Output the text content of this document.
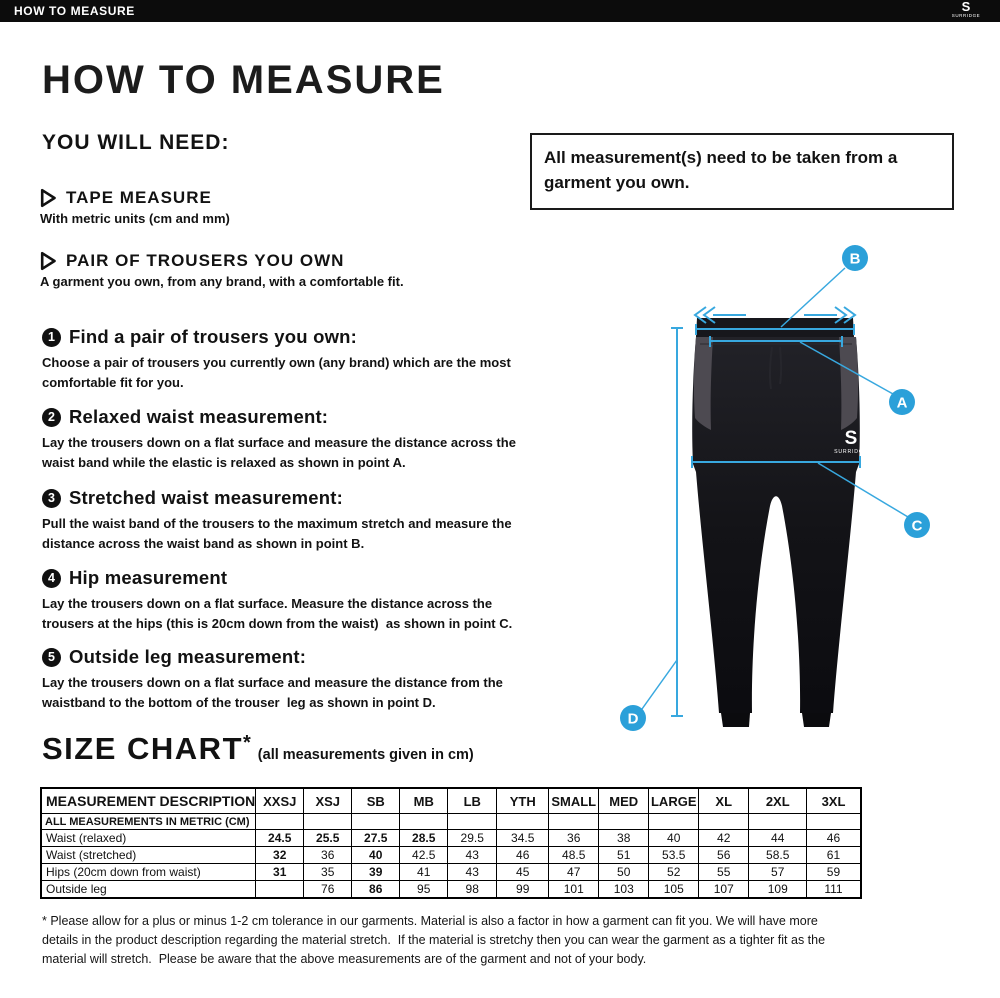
HOW TO MEASURE	S
SURRIDGE
HOW TO MEASURE
YOU WILL NEED:
All measurement(s) need to be taken from a garment you own.
TAPE MEASURE
With metric units (cm and mm)
PAIR OF TROUSERS YOU OWN
A garment you own, from any brand, with a comfortable fit.
1 Find a pair of trousers you own:
Choose a pair of trousers you currently own (any brand) which are the most comfortable fit for you.
2 Relaxed waist measurement:
Lay the trousers down on a flat surface and measure the distance across the waist band while the elastic is relaxed as shown in point A.
3 Stretched waist measurement:
Pull the waist band of the trousers to the maximum stretch and measure the distance across the waist band as shown in point B.
4 Hip measurement
Lay the trousers down on a flat surface. Measure the distance across the trousers at the hips (this is 20cm down from the waist)  as shown in point C.
5 Outside leg measurement:
Lay the trousers down on a flat surface and measure the distance from the waistband to the bottom of the trouser  leg as shown in point D.
S
SURRIDGE
B
A
C
D
SIZE CHART*(all measurements given in cm)
MEASUREMENT DESCRIPTION	XXSJ	XSJ	SB	MB	LB	YTH	SMALL	MED	LARGE	XL	2XL	3XL
ALL MEASUREMENTS IN METRIC (CM)												
Waist (relaxed)	24.5	25.5	27.5	28.5	29.5	34.5	36	38	40	42	44	46
Waist (stretched)	32	36	40	42.5	43	46	48.5	51	53.5	56	58.5	61
Hips (20cm down from waist)	31	35	39	41	43	45	47	50	52	55	57	59
Outside leg		76	86	95	98	99	101	103	105	107	109	111
* Please allow for a plus or minus 1-2 cm tolerance in our garments. Material is also a factor in how a garment can fit you. We will have more details in the product description regarding the material stretch.  If the material is stretchy then you can wear the garment as a tighter fit as the material will stretch.  Please be aware that the above measurements are of the garment and not of your body.
